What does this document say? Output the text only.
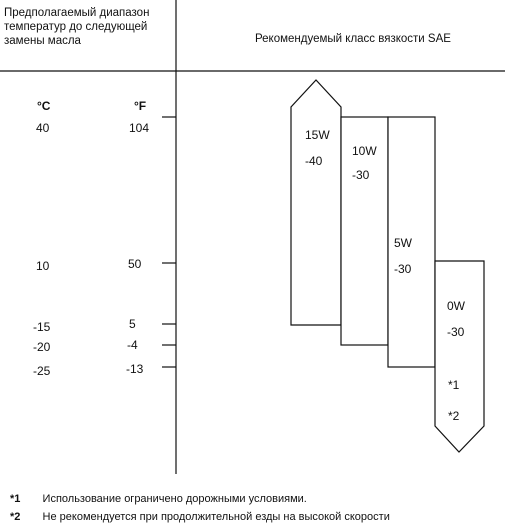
Предполагаемый диапазон
температур до следующей
замены масла	Рекомендуемый класс вязкости SAE
°C	°F
40	104
10	50
-15	5
-20	-4
-25	-13
15W
-40
10W
-30
5W
-30
0W
-30
*1
*2
*1 Использование ограничено дорожными условиями.
*2 Не рекомендуется при продолжительной езды на высокой скорости
